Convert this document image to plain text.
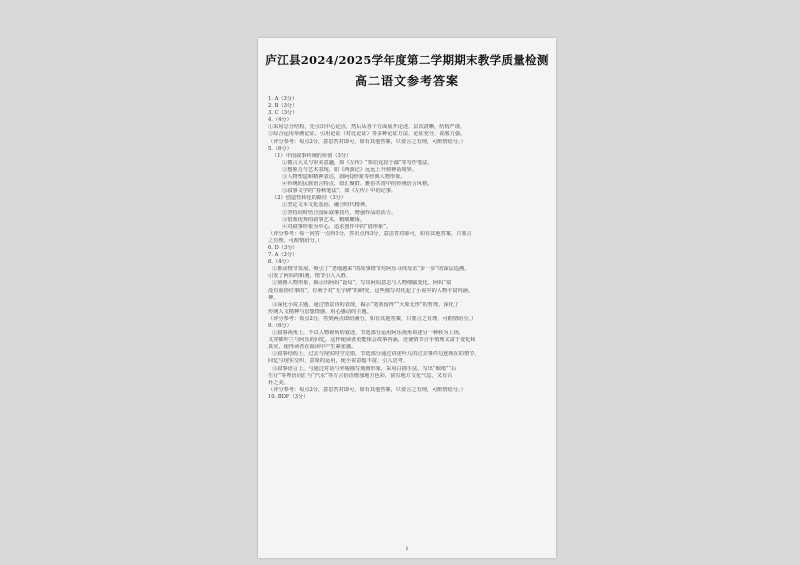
庐江县2024/2025学年度第二学期期末教学质量检测
高二语文参考答案
1. A（3分）
2. B（3分）
3. C（3分）
4.（4分）
①采用总分结构，先引出中心论点，然后从各个方面展开论述，层次清晰，结构严谨。
②综合运用举例论证、引用论证（对比论证）等多种论证方法，论证充分，说服力强。
（评分参考：每点2分，意思答对即可，如有其他答案，只要言之有理，可酌情给分。）
5.（6分）
（1）中国叙事传统的价值（3分）
①微言大义与审美意趣，如《左传》“郑伯克段于鄢”等写作笔法。
②想象力与艺术表现，如《西游记》远远上升到神话境界。
③人物塑造和精神表达，如阿Q形象等经典人物形象。
④传统的民族语言特点，如汇聚群、雅俗共赏中的传统语言风格。
⑤叙事文学的“春秋笔法”，如《左传》中的记事。
（2）创造性转化的路径（3分）
①坚定文本文化基因，融合时代精神。
②坚持同时结合国际叙事技巧，增强作品的活力。
③借鉴优秀的叙事艺术，精细雕琢。
④对叙事形象为中心，追求创作中的“借形象”。
（评分参考：每一问答一点得1分，答出点得3分，意思答对即可，如有其他答案，只要言
之有理，可酌情给分。）
6. D（3分）
7. A（3分）
8.（4分）
①推动情节发展，吸引了“老地越来”的故事情节对阿乐寻找母亲“步一步”的深层追溯，
引发了阿妈的相遇，情节引人入胜。
②刻画人物形象，揭示出阿妈“设局”，写出阿妈意志与人物细腻变化。阿妈“似
没有重拾往事的”，有利于对“无字碑”的研究，这些描写对托起了小说中的人物丰富内涵。
神。
③深化小说主题，通过情景诗的表现，揭示“笔墨留得”“大象无形”的哲理，深化了
传统人文精神与思想情感，用心感动的主题。
（评分参考：每点2分，答到两点即给满分，如有其他答案，只要言之有理，可酌情给分。）
9.（6分）
①叙事视角上，不以人物视角的叙述，节选部分运用阿乐视角讲述另一种转为上场，
又穿插叶兰与阿乐的回忆，这样使读者更能体会故事内涵，还使情节合乎情理又富于变化和
真实，使得读者在阅读中产生紧张感。
②叙事结构上，过去与现实时空交错，节选部分通过讲述叶儿的过去事件勾连现在的情节，
回忆与现实交织，意象的运用，使小说意蕴丰富，引人思考。
③叙事语言上，与通过对话与外貌描写刻画形象，采用白描手法，写出“烟雨”“后
生仔”等粤语词汇与“汽水”等方言俗语增加地方色彩，富有地方文化气息，又有古
朴之美。
（评分参考：每点2分，意思答对即可，如有其他答案，只要言之有理，可酌情给分。）
10. BDF（3分）
1
